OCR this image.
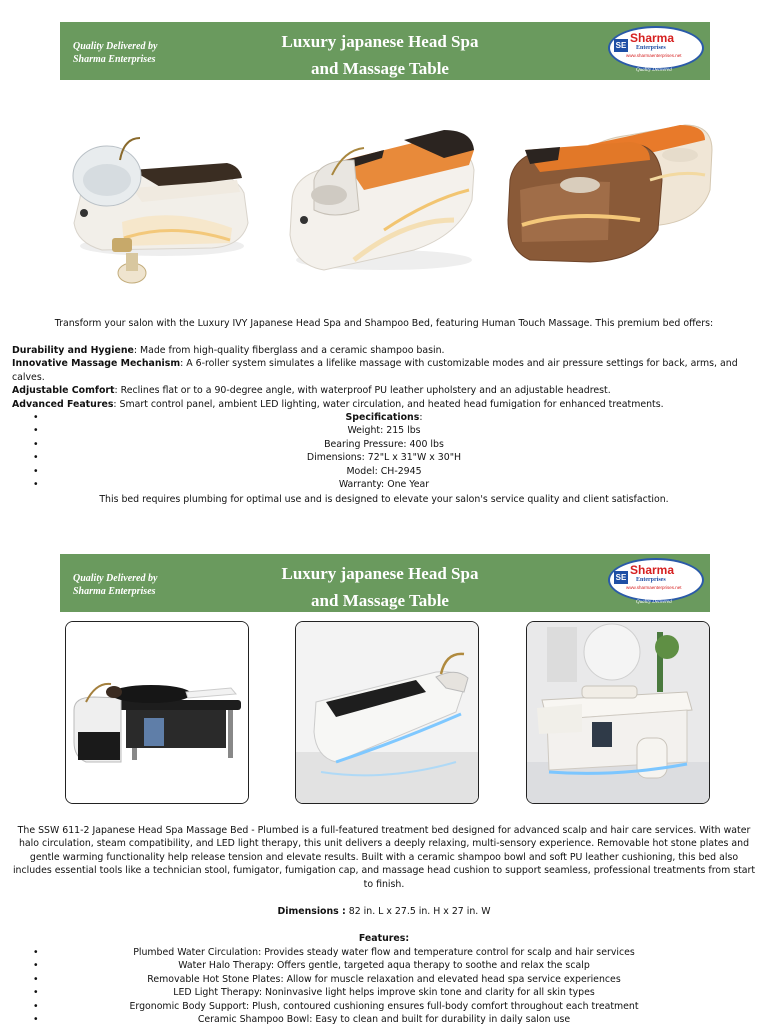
Quality Delivered by
Sharma Enterprises
Luxury japanese Head Spa
and Massage Table
SE
Sharma
Enterprises
www.sharmaenterprises.net
Quality Delivered
Transform your salon with the Luxury IVY Japanese Head Spa and Shampoo Bed, featuring Human Touch Massage. This premium bed offers:
Durability and Hygiene: Made from high-quality fiberglass and a ceramic shampoo basin.
Innovative Massage Mechanism: A 6-roller system simulates a lifelike massage with customizable modes and air pressure settings for back, arms, and calves.
Adjustable Comfort: Reclines flat or to a 90-degree angle, with waterproof PU leather upholstery and an adjustable headrest.
Advanced Features: Smart control panel, ambient LED lighting, water circulation, and heated head fumigation for enhanced treatments.
• Specifications:
• Weight: 215 lbs
• Bearing Pressure: 400 lbs
• Dimensions: 72"L x 31"W x 30"H
• Model: CH-2945
• Warranty: One Year
This bed requires plumbing for optimal use and is designed to elevate your salon's service quality and client satisfaction.
Quality Delivered by
Sharma Enterprises
Luxury japanese Head Spa
and Massage Table
SE
Sharma
Enterprises
www.sharmaenterprises.net
Quality Delivered
The SSW 611-2 Japanese Head Spa Massage Bed - Plumbed is a full-featured treatment bed designed for advanced scalp and hair care services. With water halo circulation, steam compatibility, and LED light therapy, this unit delivers a deeply relaxing, multi-sensory experience. Removable hot stone plates and gentle warming functionality help release tension and elevate results. Built with a ceramic shampoo bowl and soft PU leather cushioning, this bed also includes essential tools like a technician stool, fumigator, fumigation cap, and massage head cushion to support seamless, professional treatments from start to finish.
Dimensions : 82 in. L x 27.5 in. H x 27 in. W
Features:
• Plumbed Water Circulation: Provides steady water flow and temperature control for scalp and hair services
• Water Halo Therapy: Offers gentle, targeted aqua therapy to soothe and relax the scalp
• Removable Hot Stone Plates: Allow for muscle relaxation and elevated head spa service experiences
• LED Light Therapy: Noninvasive light helps improve skin tone and clarity for all skin types
• Ergonomic Body Support: Plush, contoured cushioning ensures full-body comfort throughout each treatment
• Ceramic Shampoo Bowl: Easy to clean and built for durability in daily salon use
